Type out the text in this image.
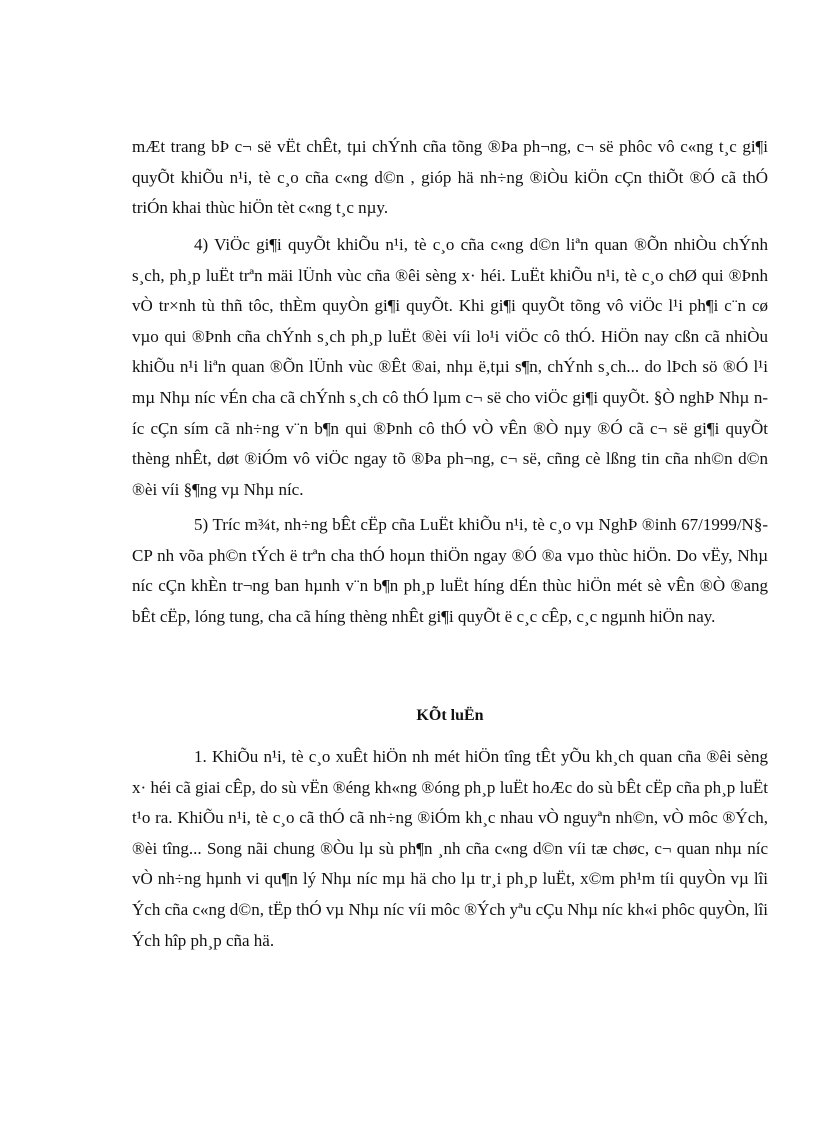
mÆt trang bÞ c¬ së vËt chÊt, tµi chÝnh cña tõng ®Þa ph¬ng, c¬ së phôc vô c«ng t¸c gi¶i quyÕt khiÕu n¹i, tè c¸o cña c«ng d©n , gióp hä nh÷ng ®iÒu kiÖn cÇn thiÕt ®Ó cã thÓ triÓn khai thùc hiÖn tèt c«ng t¸c nµy.

4) ViÖc gi¶i quyÕt khiÕu n¹i, tè c¸o cña c«ng d©n liªn quan ®Õn nhiÒu chÝnh s¸ch, ph¸p luËt trªn mäi lÜnh vùc cña ®êi sèng x· héi. LuËt khiÕu n¹i, tè c¸o chØ qui ®Þnh vÒ tr×nh tù thñ tôc, thÈm quyÒn gi¶i quyÕt. Khi gi¶i quyÕt tõng vô viÖc l¹i ph¶i c¨n cø vµo qui ®Þnh cña chÝnh s¸ch ph¸p luËt ®èi víi lo¹i viÖc cô thÓ. HiÖn nay cßn cã nhiÒu khiÕu n¹i liªn quan ®Õn lÜnh vùc ®Êt ®ai, nhµ ë,tµi s¶n, chÝnh s¸ch... do lÞch sö ®Ó l¹i mµ Nhµ níc vÉn cha cã chÝnh s¸ch cô thÓ lµm c¬ së cho viÖc gi¶i quyÕt. §Ò nghÞ Nhµ níc cÇn sím cã nh÷ng v¨n b¶n qui ®Þnh cô thÓ vÒ vÊn ®Ò nµy ®Ó cã c¬ së gi¶i quyÕt thèng nhÊt, døt ®iÓm vô viÖc ngay tõ ®Þa ph¬ng, c¬ së, cñng cè lßng tin cña nh©n d©n ®èi víi §¶ng vµ Nhµ níc.

5) Tríc m¾t, nh÷ng bÊt cËp cña LuËt khiÕu n¹i, tè c¸o vµ NghÞ ®inh 67/1999/N§-CP nh võa ph©n tÝch ë trªn cha thÓ hoµn thiÖn ngay ®Ó ®a vµo thùc hiÖn. Do vËy, Nhµ níc cÇn khÈn tr¬ng ban hµnh v¨n b¶n ph¸p luËt híng dÉn thùc hiÖn mét sè vÊn ®Ò ®ang bÊt cËp, lóng tung, cha cã híng thèng nhÊt gi¶i quyÕt ë c¸c cÊp, c¸c ngµnh hiÖn nay.

KÕt luËn

1. KhiÕu n¹i, tè c¸o xuÊt hiÖn nh mét hiÖn tîng tÊt yÕu kh¸ch quan cña ®êi sèng x· héi cã giai cÊp, do sù vËn ®éng kh«ng ®óng ph¸p luËt hoÆc do sù bÊt cËp cña ph¸p luËt t¹o ra. KhiÕu n¹i, tè c¸o cã thÓ cã nh÷ng ®iÓm kh¸c nhau vÒ nguyªn nh©n, vÒ môc ®Ých, ®èi tîng... Song nãi chung ®Òu lµ sù ph¶n ¸nh cña c«ng d©n víi tæ chøc, c¬ quan nhµ níc vÒ nh÷ng hµnh vi qu¶n lý Nhµ níc mµ hä cho lµ tr¸i ph¸p luËt, x©m ph¹m tíi quyÒn vµ lîi Ých cña c«ng d©n, tËp thÓ vµ Nhµ níc víi môc ®Ých yªu cÇu Nhµ níc kh«i phôc quyÒn, lîi Ých hîp ph¸p cña hä.
